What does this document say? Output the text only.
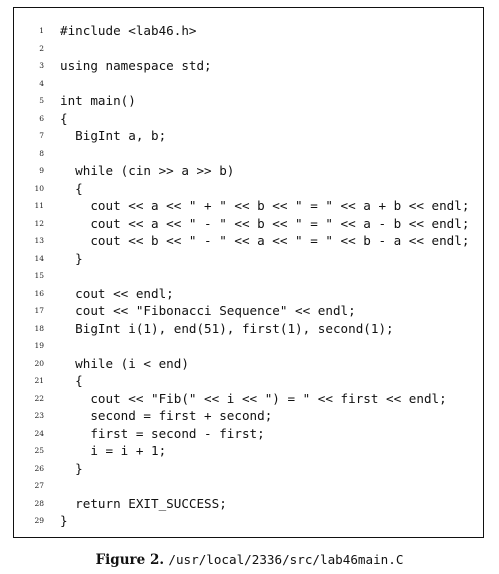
1 #include <lab46.h>
2
3 using namespace std;
4
5 int main()
6 {
7 BigInt a, b;
8
9 while (cin >> a >> b)
10 {
11 cout << a << " + " << b << " = " << a + b << endl;
12 cout << a << " - " << b << " = " << a - b << endl;
13 cout << b << " - " << a << " = " << b - a << endl;
14 }
15
16 cout << endl;
17 cout << "Fibonacci Sequence" << endl;
18 BigInt i(1), end(51), first(1), second(1);
19
20 while (i < end)
21 {
22 cout << "Fib(" << i << ") = " << first << endl;
23 second = first + second;
24 first = second - first;
25 i = i + 1;
26 }
27
28 return EXIT_SUCCESS;
29 }
Figure 2. /usr/local/2336/src/lab46main.C
